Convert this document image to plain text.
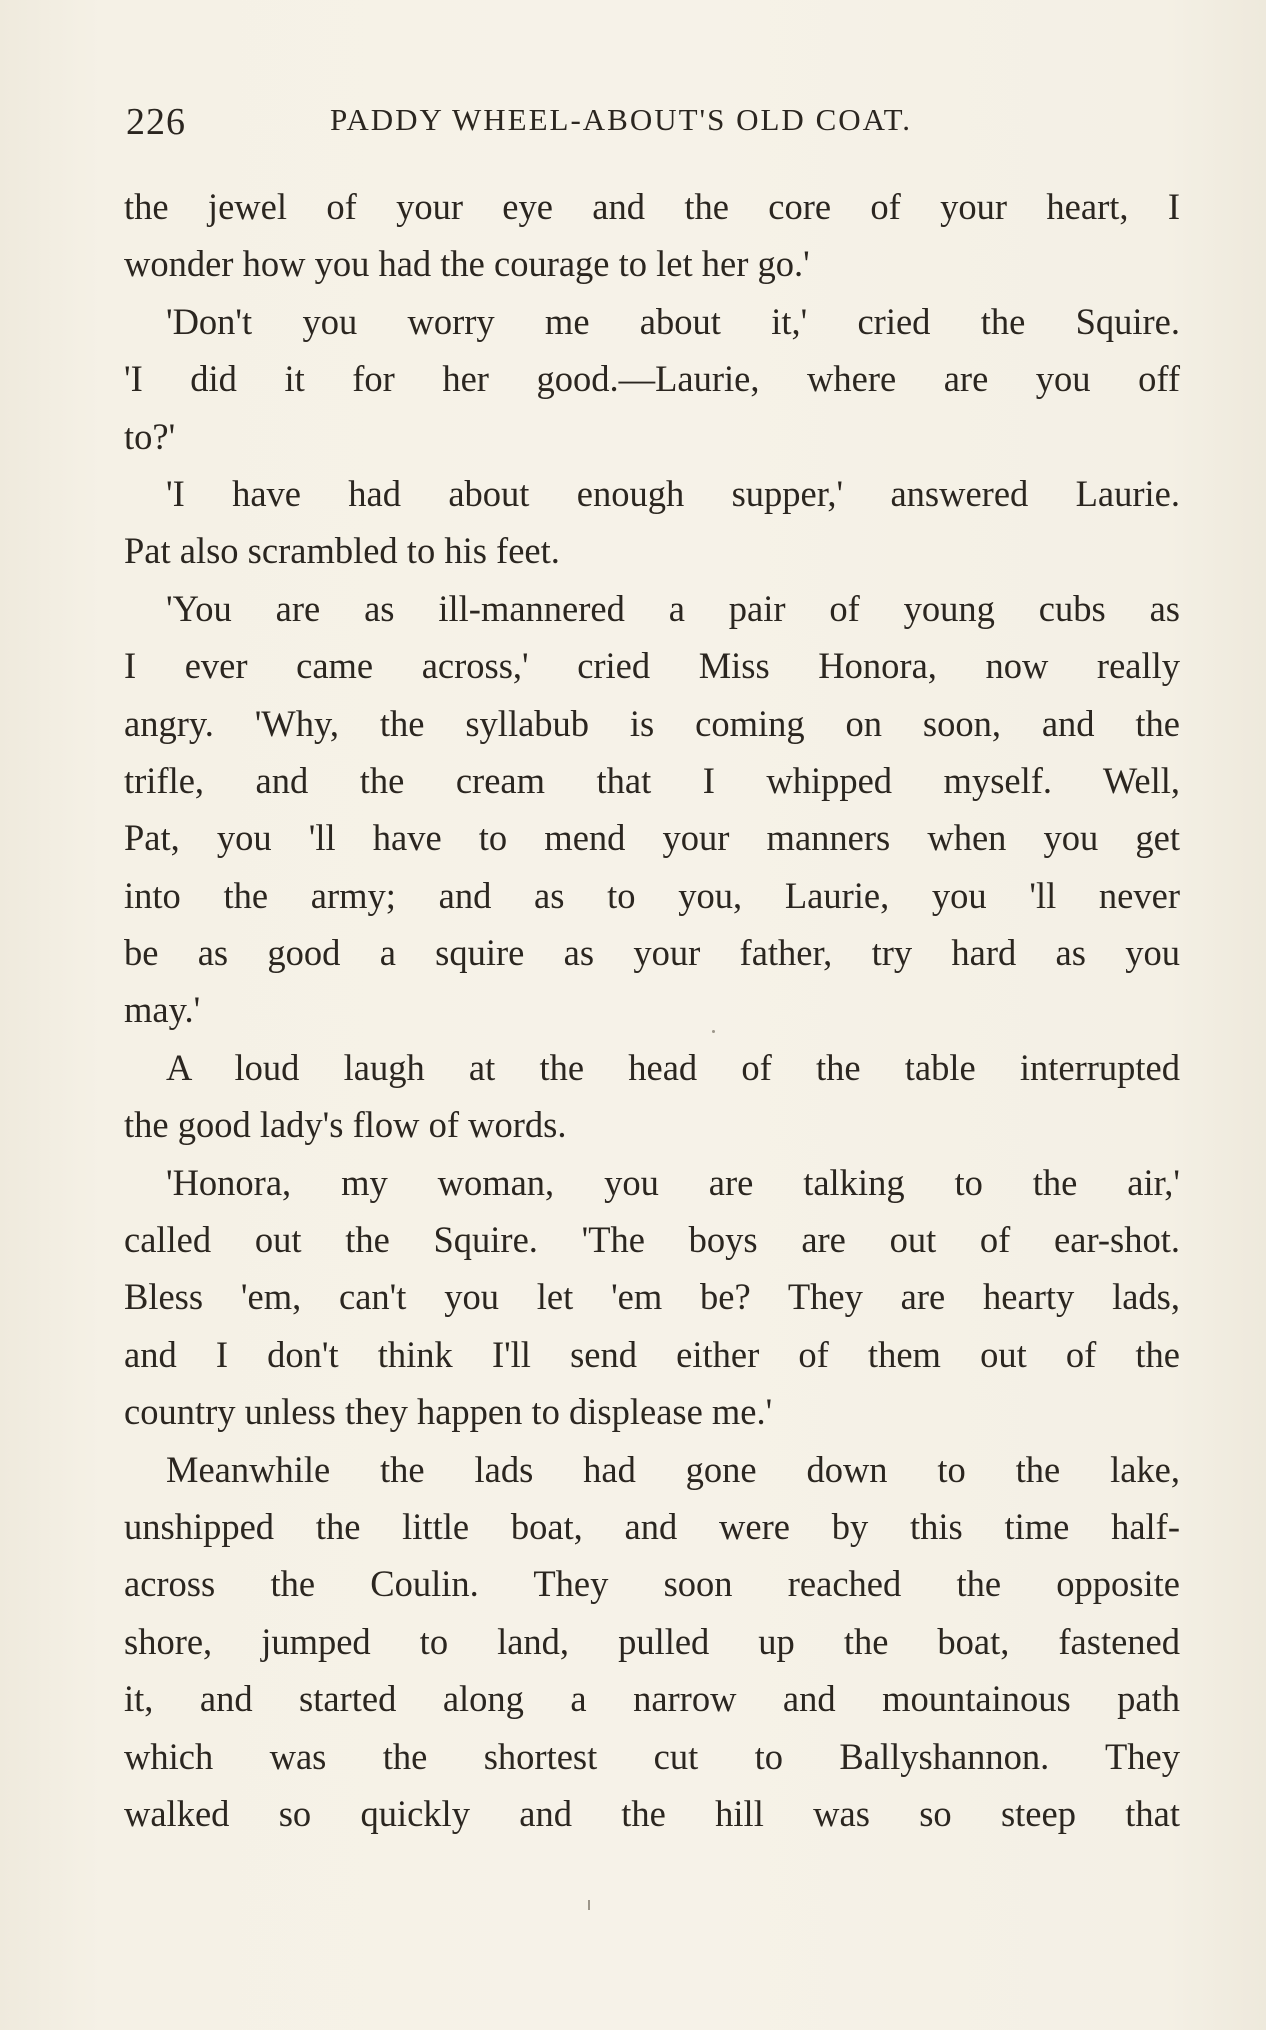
226	PADDY WHEEL-ABOUT'S OLD COAT.
the jewel of your eye and the core of your heart, I
wonder how you had the courage to let her go.'
'Don't you worry me about it,' cried the Squire.
'I did it for her good.—Laurie, where are you off
to?'
'I have had about enough supper,' answered Laurie.
Pat also scrambled to his feet.
'You are as ill-mannered a pair of young cubs as
I ever came across,' cried Miss Honora, now really
angry. 'Why, the syllabub is coming on soon, and the
trifle, and the cream that I whipped myself. Well,
Pat, you 'll have to mend your manners when you get
into the army; and as to you, Laurie, you 'll never
be as good a squire as your father, try hard as you
may.'
A loud laugh at the head of the table interrupted
the good lady's flow of words.
'Honora, my woman, you are talking to the air,'
called out the Squire. 'The boys are out of ear-shot.
Bless 'em, can't you let 'em be? They are hearty lads,
and I don't think I'll send either of them out of the
country unless they happen to displease me.'
Meanwhile the lads had gone down to the lake,
unshipped the little boat, and were by this time half-
across the Coulin. They soon reached the opposite
shore, jumped to land, pulled up the boat, fastened
it, and started along a narrow and mountainous path
which was the shortest cut to Ballyshannon. They
walked so quickly and the hill was so steep that
